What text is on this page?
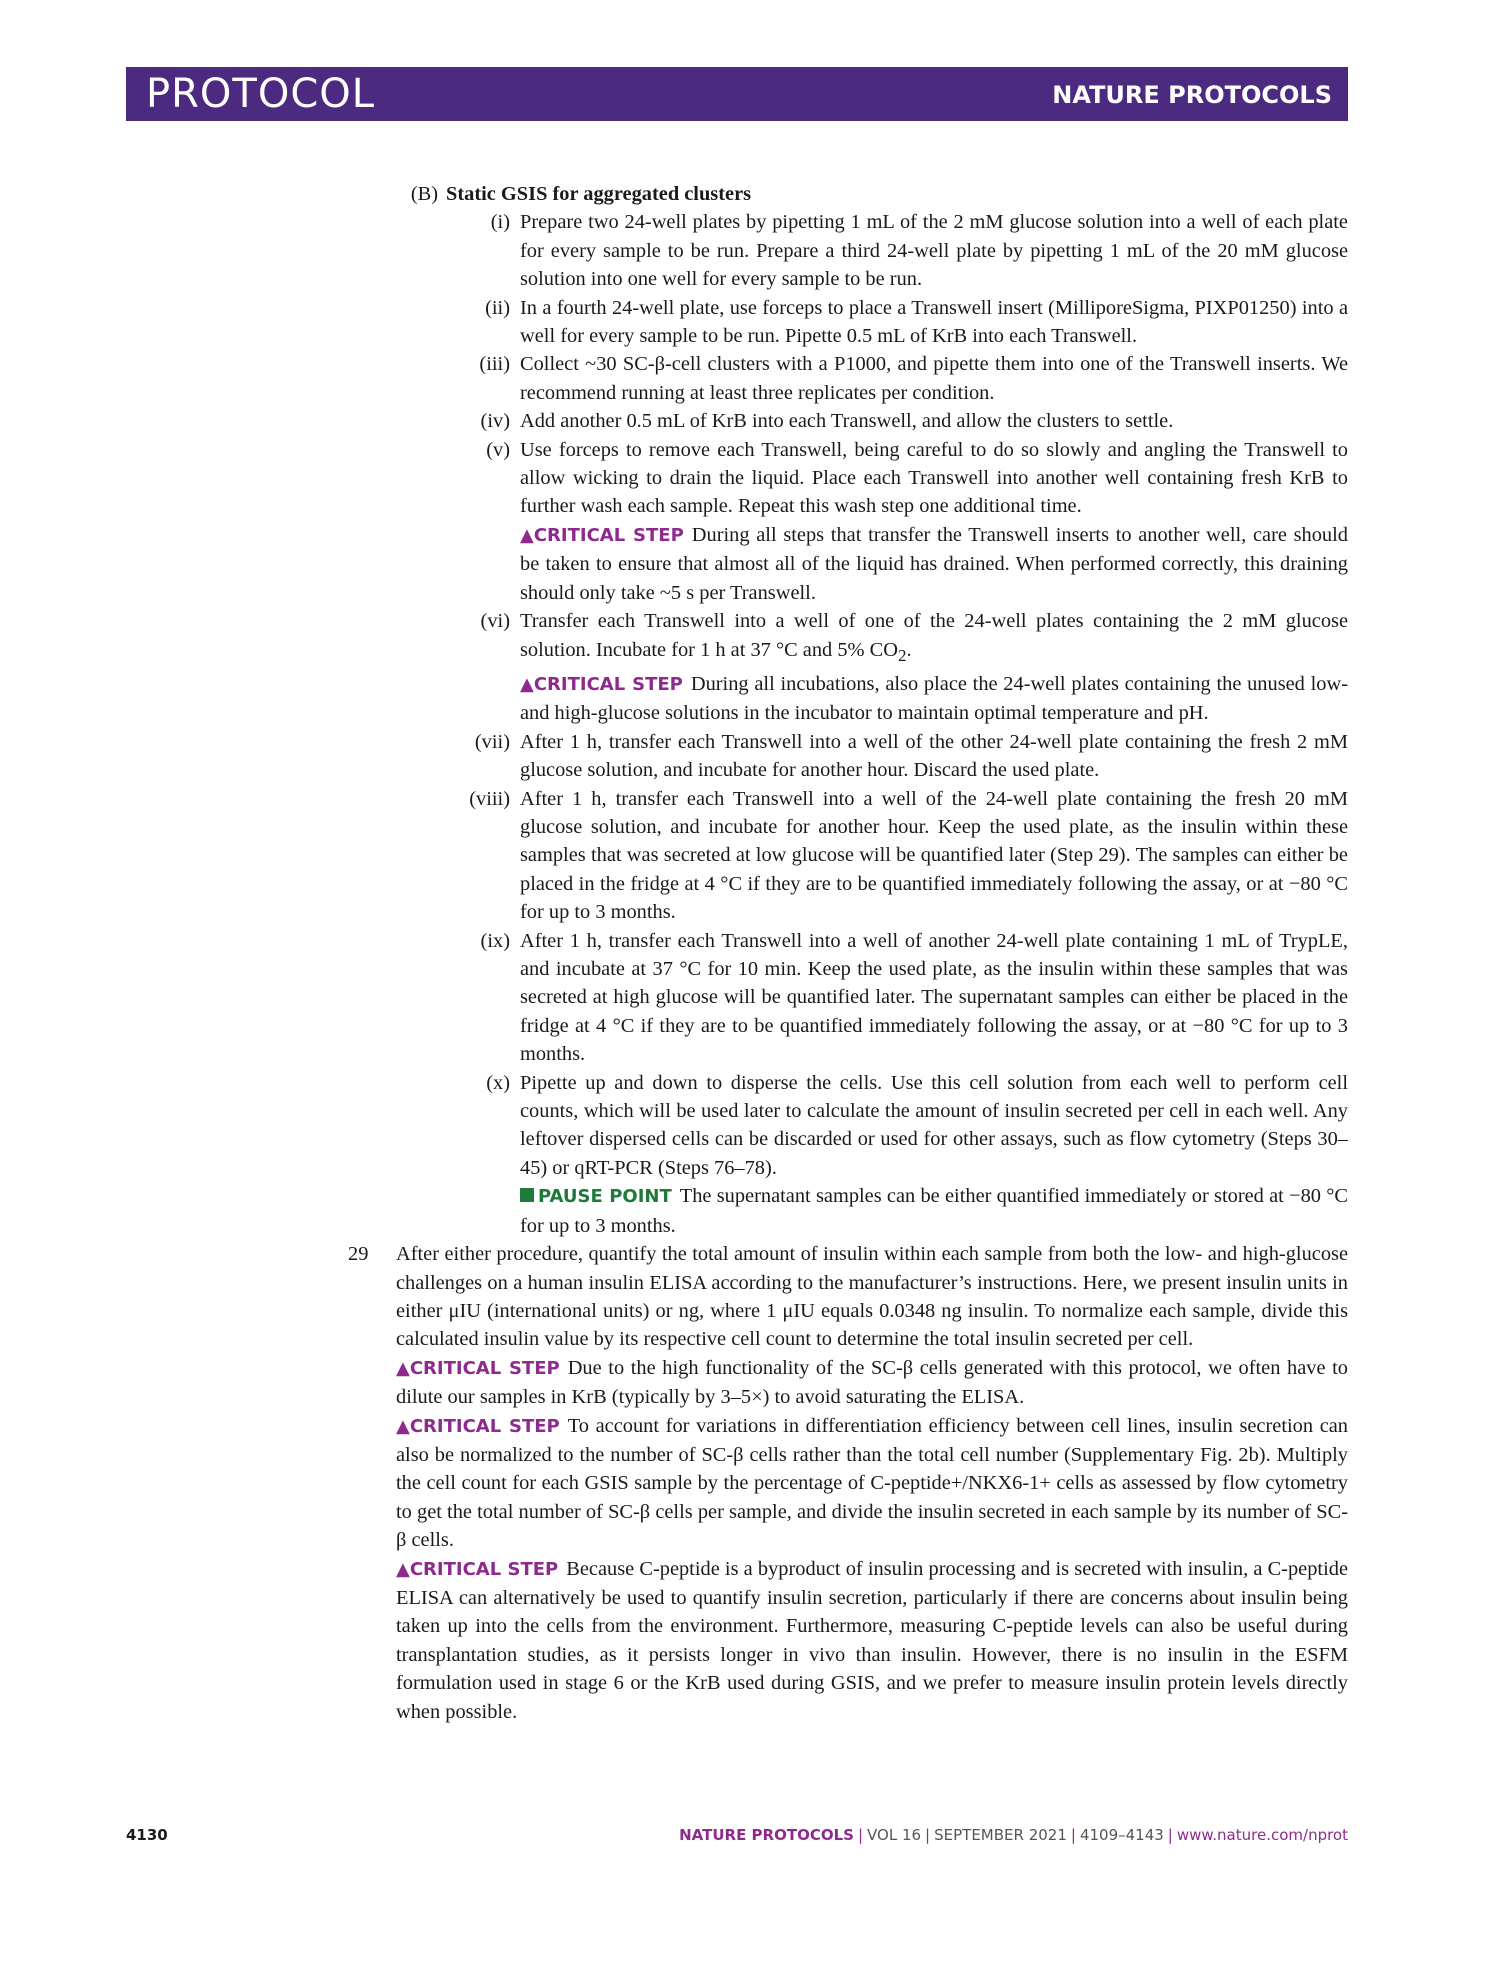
PROTOCOL	NATURE PROTOCOLS

(B) Static GSIS for aggregated clusters

(i) Prepare two 24-well plates by pipetting 1 mL of the 2 mM glucose solution into a well of each plate for every sample to be run. Prepare a third 24-well plate by pipetting 1 mL of the 20 mM glucose solution into one well for every sample to be run.

(ii) In a fourth 24-well plate, use forceps to place a Transwell insert (MilliporeSigma, PIXP01250) into a well for every sample to be run. Pipette 0.5 mL of KrB into each Transwell.

(iii) Collect ~30 SC-β-cell clusters with a P1000, and pipette them into one of the Transwell inserts. We recommend running at least three replicates per condition.

(iv) Add another 0.5 mL of KrB into each Transwell, and allow the clusters to settle.

(v) Use forceps to remove each Transwell, being careful to do so slowly and angling the Transwell to allow wicking to drain the liquid. Place each Transwell into another well containing fresh KrB to further wash each sample. Repeat this wash step one additional time.

▲CRITICAL STEP During all steps that transfer the Transwell inserts to another well, care should be taken to ensure that almost all of the liquid has drained. When performed correctly, this draining should only take ~5 s per Transwell.

(vi) Transfer each Transwell into a well of one of the 24-well plates containing the 2 mM glucose solution. Incubate for 1 h at 37 °C and 5% $CO_2$.

▲CRITICAL STEP During all incubations, also place the 24-well plates containing the unused low- and high-glucose solutions in the incubator to maintain optimal temperature and pH.

(vii) After 1 h, transfer each Transwell into a well of the other 24-well plate containing the fresh 2 mM glucose solution, and incubate for another hour. Discard the used plate.

(viii) After 1 h, transfer each Transwell into a well of the 24-well plate containing the fresh 20 mM glucose solution, and incubate for another hour. Keep the used plate, as the insulin within these samples that was secreted at low glucose will be quantified later (Step 29). The samples can either be placed in the fridge at 4 °C if they are to be quantified immediately following the assay, or at −80 °C for up to 3 months.

(ix) After 1 h, transfer each Transwell into a well of another 24-well plate containing 1 mL of TrypLE, and incubate at 37 °C for 10 min. Keep the used plate, as the insulin within these samples that was secreted at high glucose will be quantified later. The supernatant samples can either be placed in the fridge at 4 °C if they are to be quantified immediately following the assay, or at −80 °C for up to 3 months.

(x) Pipette up and down to disperse the cells. Use this cell solution from each well to perform cell counts, which will be used later to calculate the amount of insulin secreted per cell in each well. Any leftover dispersed cells can be discarded or used for other assays, such as flow cytometry (Steps 30–45) or qRT-PCR (Steps 76–78).

PAUSE POINT The supernatant samples can be either quantified immediately or stored at −80 °C for up to 3 months.

29 After either procedure, quantify the total amount of insulin within each sample from both the low- and high-glucose challenges on a human insulin ELISA according to the manufacturer’s instructions. Here, we present insulin units in either μIU (international units) or ng, where 1 μIU equals 0.0348 ng insulin. To normalize each sample, divide this calculated insulin value by its respective cell count to determine the total insulin secreted per cell.

▲CRITICAL STEP Due to the high functionality of the SC-β cells generated with this protocol, we often have to dilute our samples in KrB (typically by 3–5×) to avoid saturating the ELISA.

▲CRITICAL STEP To account for variations in differentiation efficiency between cell lines, insulin secretion can also be normalized to the number of SC-β cells rather than the total cell number (Supplementary Fig. 2b). Multiply the cell count for each GSIS sample by the percentage of C-peptide+/NKX6-1+ cells as assessed by flow cytometry to get the total number of SC-β cells per sample, and divide the insulin secreted in each sample by its number of SC-β cells.

▲CRITICAL STEP Because C-peptide is a byproduct of insulin processing and is secreted with insulin, a C-peptide ELISA can alternatively be used to quantify insulin secretion, particularly if there are concerns about insulin being taken up into the cells from the environment. Furthermore, measuring C-peptide levels can also be useful during transplantation studies, as it persists longer in vivo than insulin. However, there is no insulin in the ESFM formulation used in stage 6 or the KrB used during GSIS, and we prefer to measure insulin protein levels directly when possible.

4130	NATURE PROTOCOLS | VOL 16 | SEPTEMBER 2021 | 4109–4143 | www.nature.com/nprot
